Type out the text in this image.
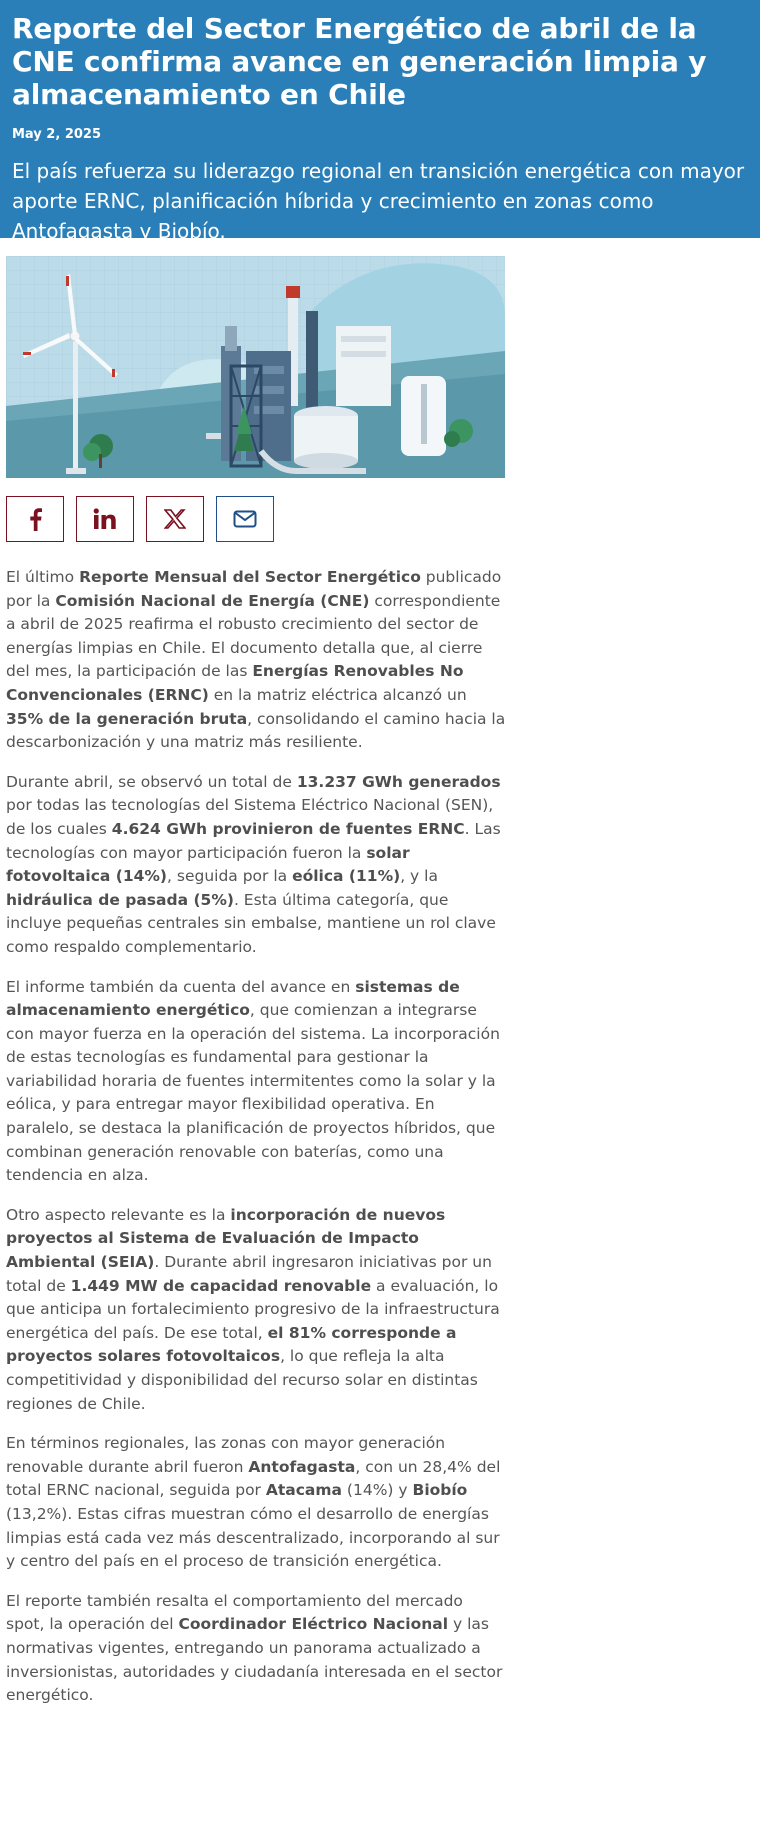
Reporte del Sector Energético de abril de la CNE confirma avance en generación limpia y almacenamiento en Chile
May 2, 2025
El país refuerza su liderazgo regional en transición energética con mayor aporte ERNC, planificación híbrida y crecimiento en zonas como Antofagasta y Biobío.

El último Reporte Mensual del Sector Energético publicado por la Comisión Nacional de Energía (CNE) correspondiente a abril de 2025 reafirma el robusto crecimiento del sector de energías limpias en Chile. El documento detalla que, al cierre del mes, la participación de las Energías Renovables No Convencionales (ERNC) en la matriz eléctrica alcanzó un 35% de la generación bruta, consolidando el camino hacia la descarbonización y una matriz más resiliente.

Durante abril, se observó un total de 13.237 GWh generados por todas las tecnologías del Sistema Eléctrico Nacional (SEN), de los cuales 4.624 GWh provinieron de fuentes ERNC. Las tecnologías con mayor participación fueron la solar fotovoltaica (14%), seguida por la eólica (11%), y la hidráulica de pasada (5%). Esta última categoría, que incluye pequeñas centrales sin embalse, mantiene un rol clave como respaldo complementario.

El informe también da cuenta del avance en sistemas de almacenamiento energético, que comienzan a integrarse con mayor fuerza en la operación del sistema. La incorporación de estas tecnologías es fundamental para gestionar la variabilidad horaria de fuentes intermitentes como la solar y la eólica, y para entregar mayor flexibilidad operativa. En paralelo, se destaca la planificación de proyectos híbridos, que combinan generación renovable con baterías, como una tendencia en alza.

Otro aspecto relevante es la incorporación de nuevos proyectos al Sistema de Evaluación de Impacto Ambiental (SEIA). Durante abril ingresaron iniciativas por un total de 1.449 MW de capacidad renovable a evaluación, lo que anticipa un fortalecimiento progresivo de la infraestructura energética del país. De ese total, el 81% corresponde a proyectos solares fotovoltaicos, lo que refleja la alta competitividad y disponibilidad del recurso solar en distintas regiones de Chile.

En términos regionales, las zonas con mayor generación renovable durante abril fueron Antofagasta, con un 28,4% del total ERNC nacional, seguida por Atacama (14%) y Biobío (13,2%). Estas cifras muestran cómo el desarrollo de energías limpias está cada vez más descentralizado, incorporando al sur y centro del país en el proceso de transición energética.

El reporte también resalta el comportamiento del mercado spot, la operación del Coordinador Eléctrico Nacional y las normativas vigentes, entregando un panorama actualizado a inversionistas, autoridades y ciudadanía interesada en el sector energético.
